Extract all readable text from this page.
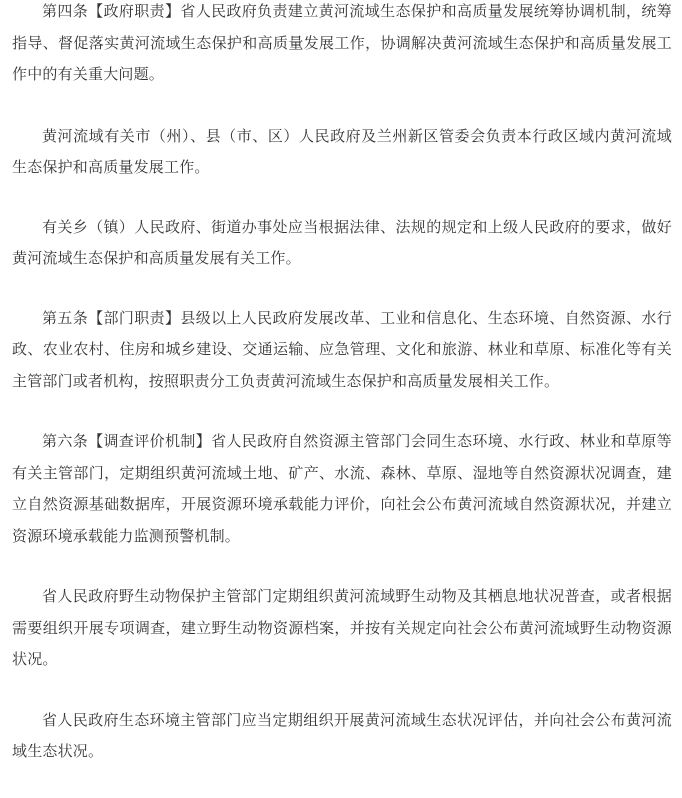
第四条【政府职责】省人民政府负责建立黄河流域生态保护和高质量发展统筹协调机制，统筹指导、督促落实黄河流域生态保护和高质量发展工作，协调解决黄河流域生态保护和高质量发展工作中的有关重大问题。

黄河流域有关市（州）、县（市、区）人民政府及兰州新区管委会负责本行政区域内黄河流域生态保护和高质量发展工作。

有关乡（镇）人民政府、街道办事处应当根据法律、法规的规定和上级人民政府的要求，做好黄河流域生态保护和高质量发展有关工作。

第五条【部门职责】县级以上人民政府发展改革、工业和信息化、生态环境、自然资源、水行政、农业农村、住房和城乡建设、交通运输、应急管理、文化和旅游、林业和草原、标准化等有关主管部门或者机构，按照职责分工负责黄河流域生态保护和高质量发展相关工作。

第六条【调查评价机制】省人民政府自然资源主管部门会同生态环境、水行政、林业和草原等有关主管部门，定期组织黄河流域土地、矿产、水流、森林、草原、湿地等自然资源状况调查，建立自然资源基础数据库，开展资源环境承载能力评价，向社会公布黄河流域自然资源状况，并建立资源环境承载能力监测预警机制。

省人民政府野生动物保护主管部门定期组织黄河流域野生动物及其栖息地状况普查，或者根据需要组织开展专项调查，建立野生动物资源档案，并按有关规定向社会公布黄河流域野生动物资源状况。

省人民政府生态环境主管部门应当定期组织开展黄河流域生态状况评估，并向社会公布黄河流域生态状况。
